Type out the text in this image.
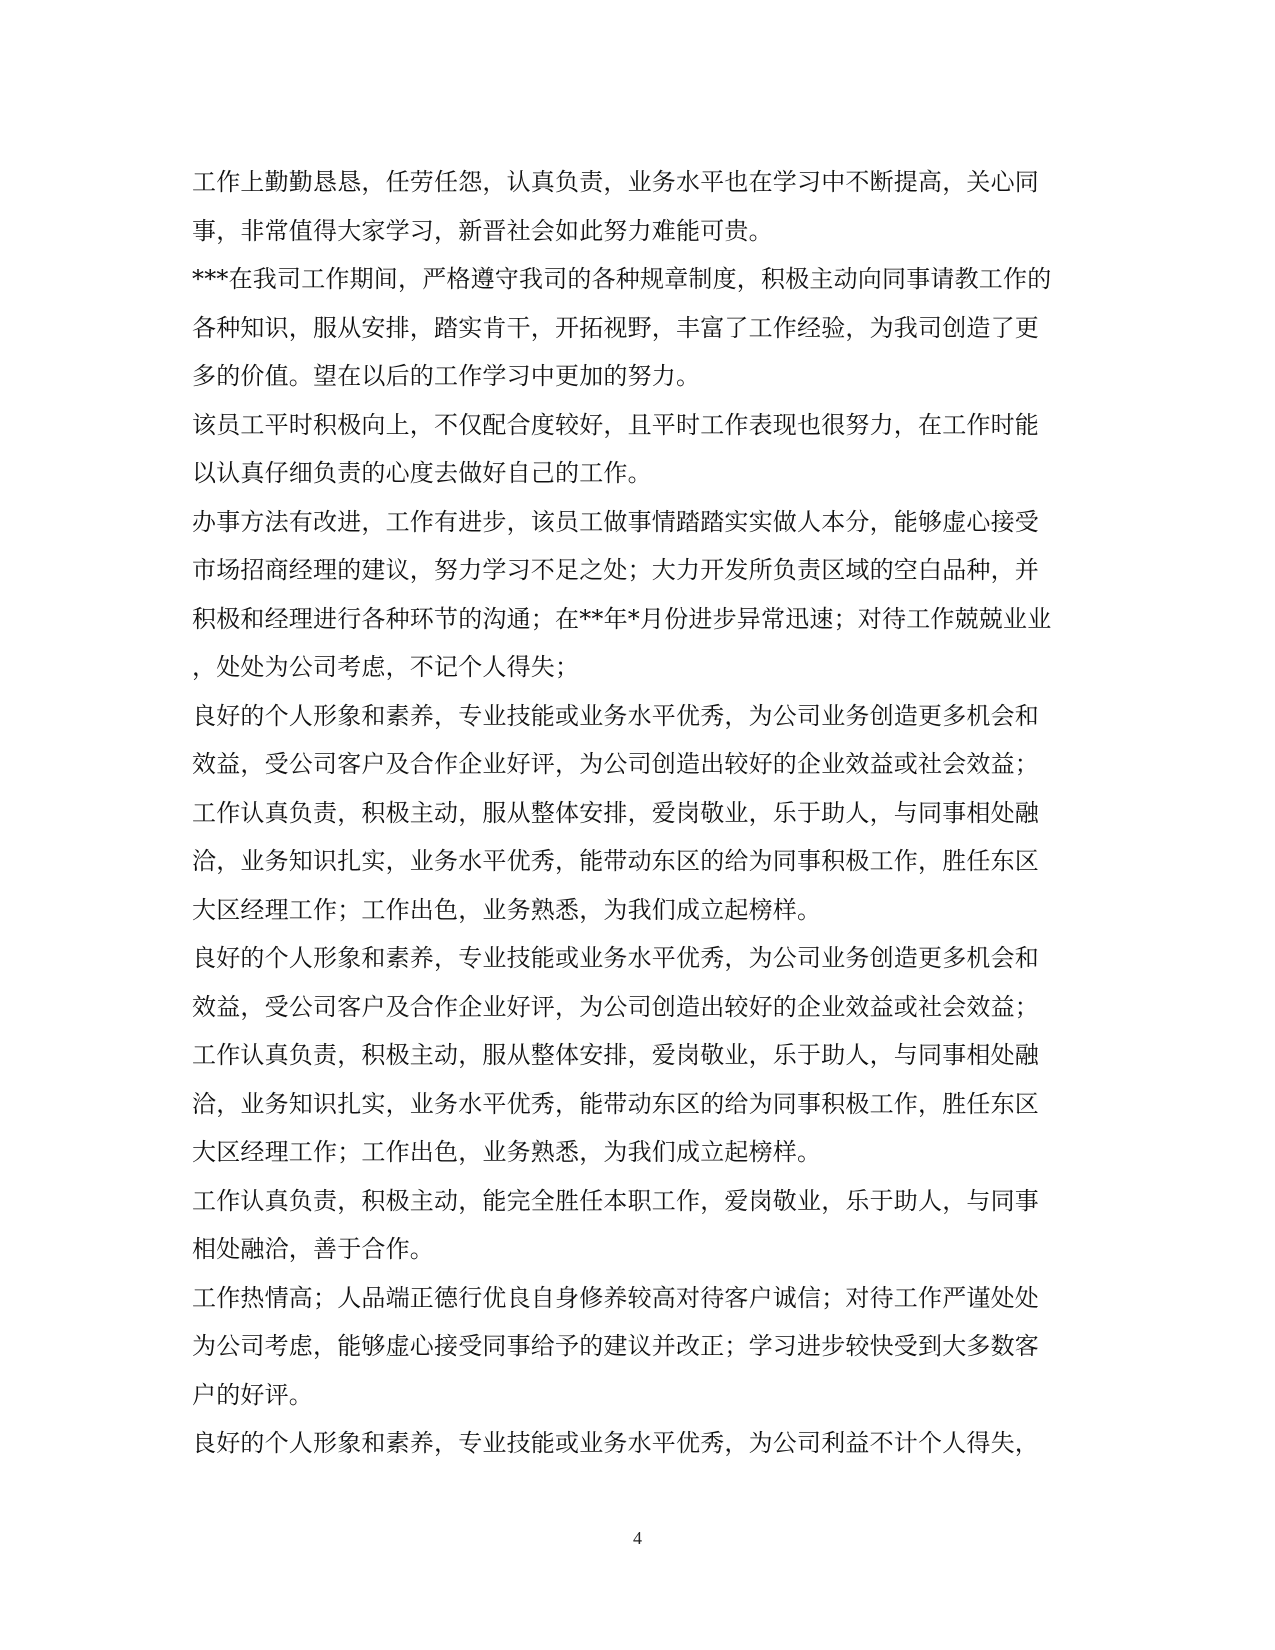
工作上勤勤恳恳，任劳任怨，认真负责，业务水平也在学习中不断提高，关心同
事，非常值得大家学习，新晋社会如此努力难能可贵。
***在我司工作期间，严格遵守我司的各种规章制度，积极主动向同事请教工作的
各种知识，服从安排，踏实肯干，开拓视野，丰富了工作经验，为我司创造了更
多的价值。望在以后的工作学习中更加的努力。
该员工平时积极向上，不仅配合度较好，且平时工作表现也很努力，在工作时能
以认真仔细负责的心度去做好自己的工作。
办事方法有改进，工作有进步，该员工做事情踏踏实实做人本分，能够虚心接受
市场招商经理的建议，努力学习不足之处；大力开发所负责区域的空白品种，并
积极和经理进行各种环节的沟通；在**年*月份进步异常迅速；对待工作兢兢业业
，处处为公司考虑，不记个人得失；
良好的个人形象和素养，专业技能或业务水平优秀，为公司业务创造更多机会和
效益，受公司客户及合作企业好评，为公司创造出较好的企业效益或社会效益；
工作认真负责，积极主动，服从整体安排，爱岗敬业，乐于助人，与同事相处融
洽，业务知识扎实，业务水平优秀，能带动东区的给为同事积极工作，胜任东区
大区经理工作；工作出色，业务熟悉，为我们成立起榜样。
良好的个人形象和素养，专业技能或业务水平优秀，为公司业务创造更多机会和
效益，受公司客户及合作企业好评，为公司创造出较好的企业效益或社会效益；
工作认真负责，积极主动，服从整体安排，爱岗敬业，乐于助人，与同事相处融
洽，业务知识扎实，业务水平优秀，能带动东区的给为同事积极工作，胜任东区
大区经理工作；工作出色，业务熟悉，为我们成立起榜样。
工作认真负责，积极主动，能完全胜任本职工作，爱岗敬业，乐于助人，与同事
相处融洽，善于合作。
工作热情高；人品端正德行优良自身修养较高对待客户诚信；对待工作严谨处处
为公司考虑，能够虚心接受同事给予的建议并改正；学习进步较快受到大多数客
户的好评。
良好的个人形象和素养，专业技能或业务水平优秀，为公司利益不计个人得失，
4
